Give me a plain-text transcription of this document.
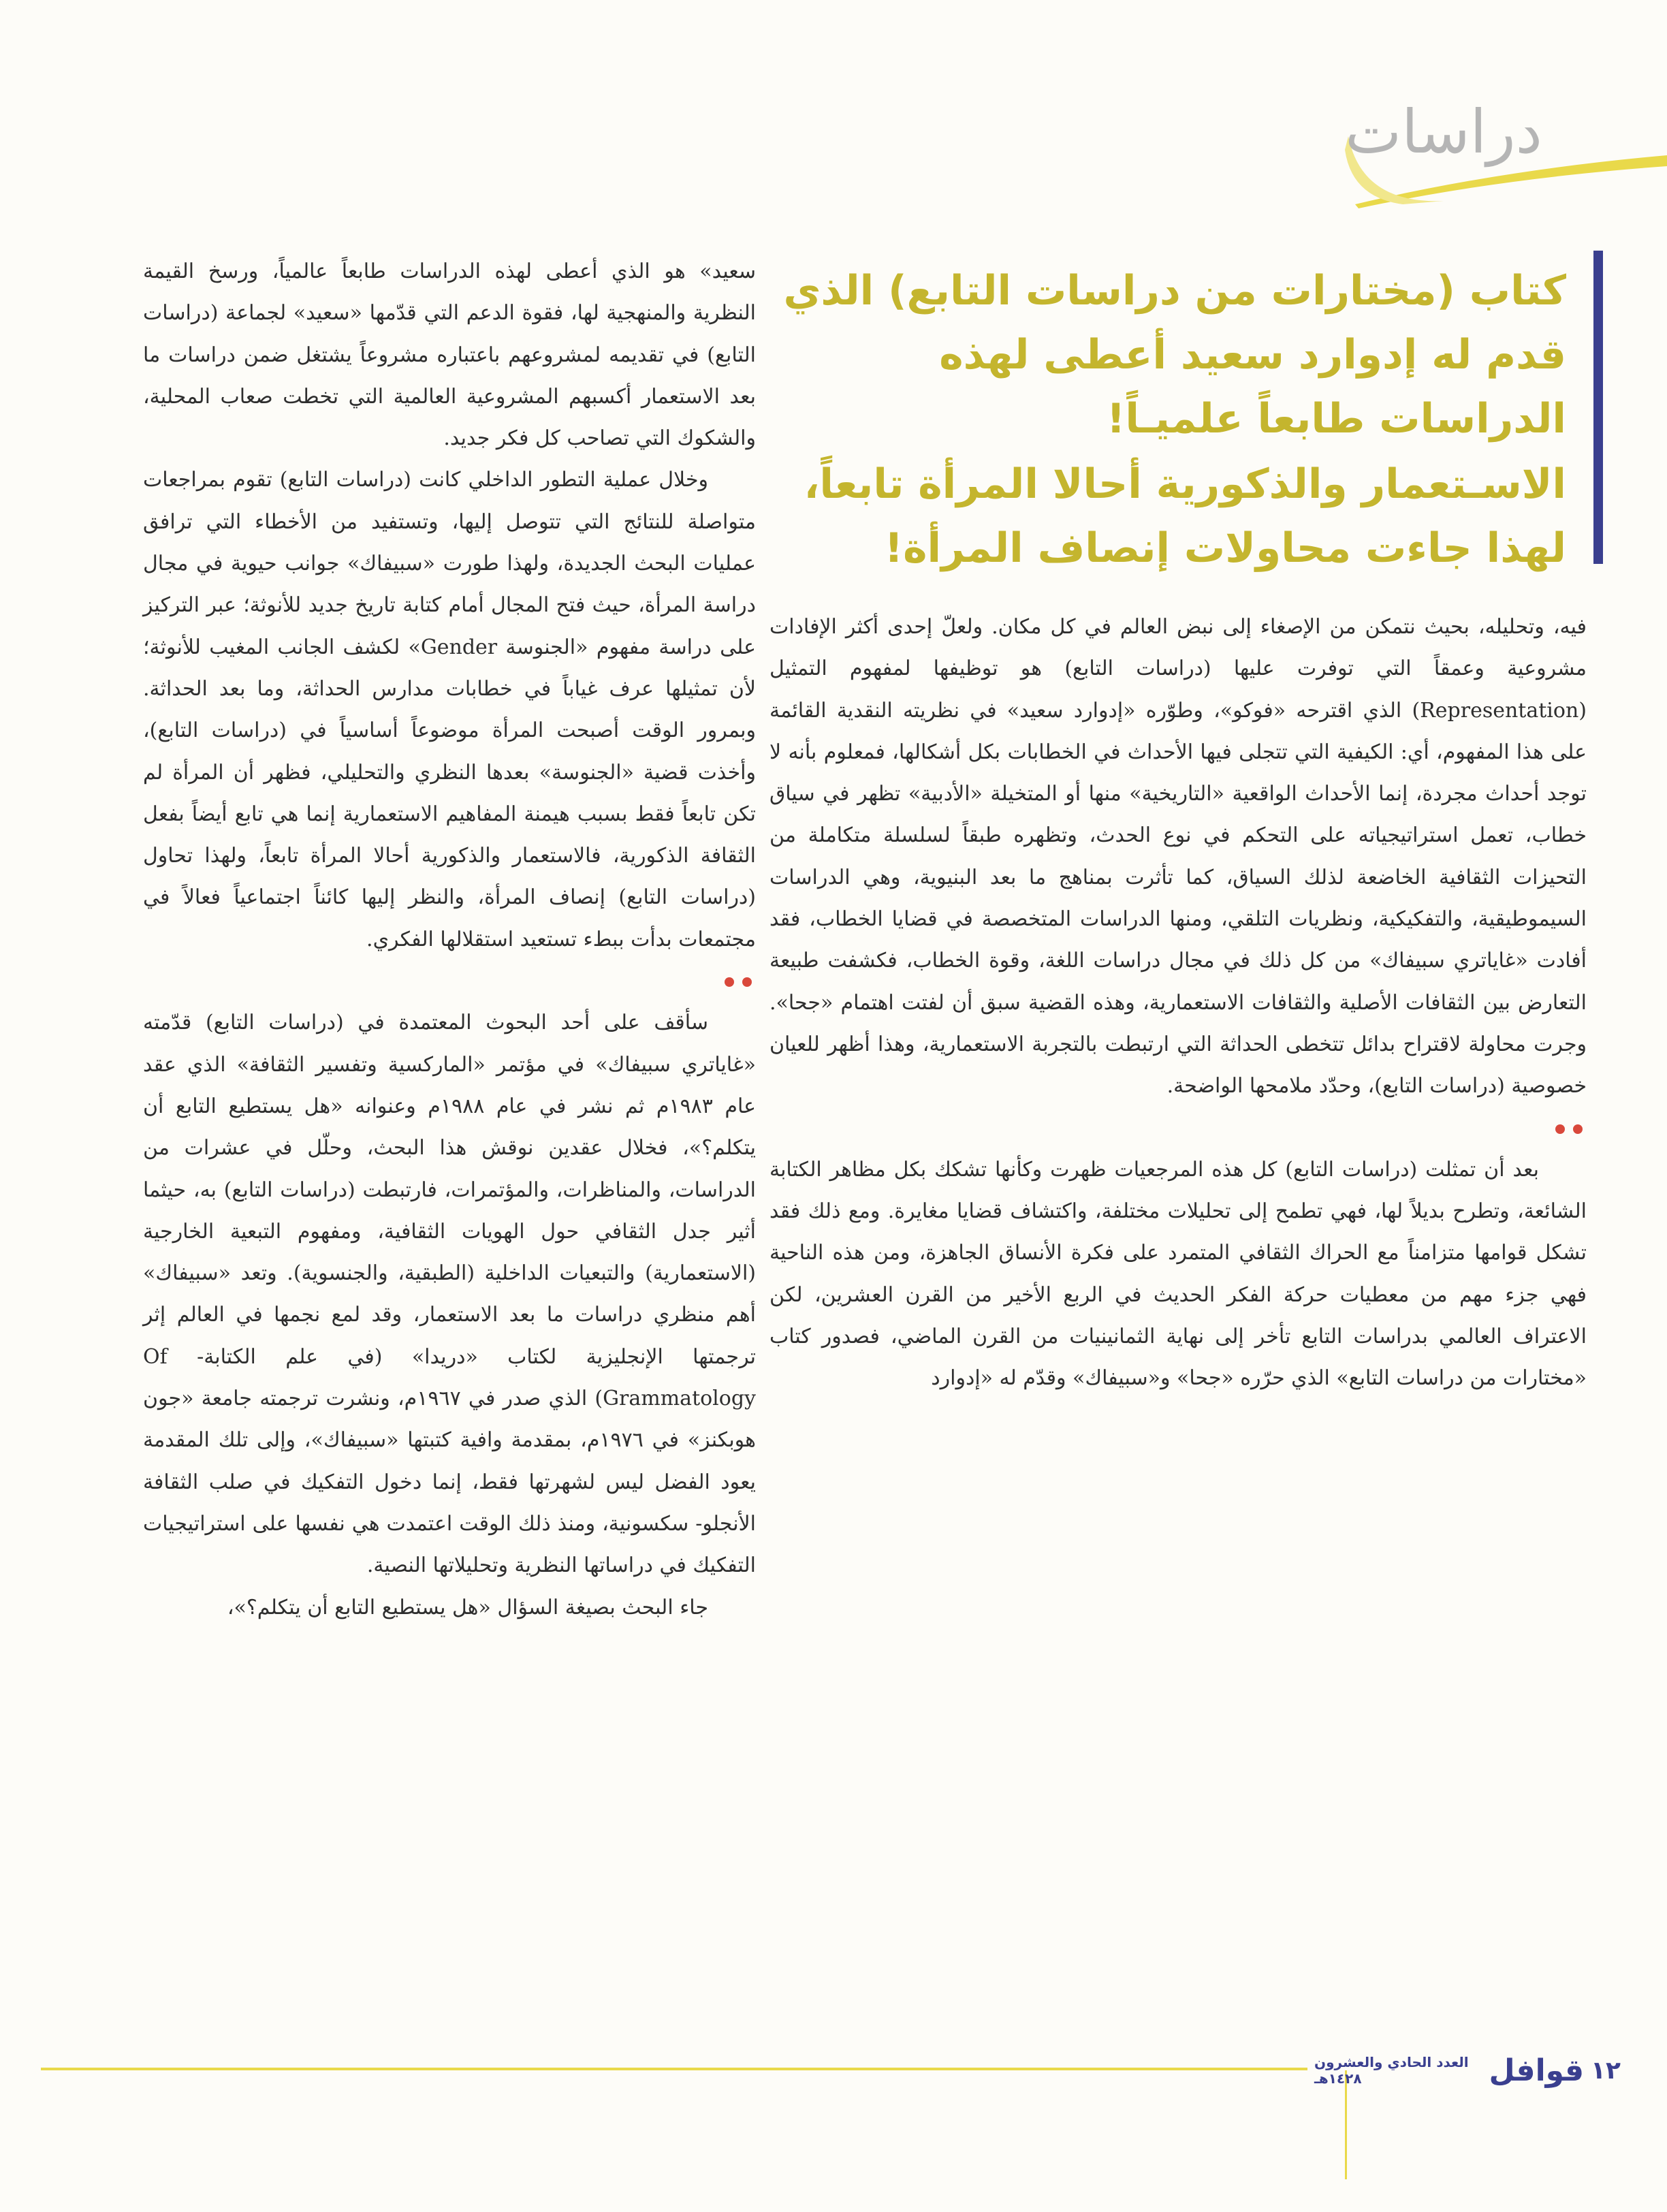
دراسات
كتاب (مختارات من دراسات التابع) الذي قدم له إدوارد سعيد أعطى لهذه الدراسات طابعاً علميـاً!
الاسـتعمار والذكورية أحالا المرأة تابعاً، لهذا جاءت محاولات إنصاف المرأة!

سعيد» هو الذي أعطى لهذه الدراسات طابعاً عالمياً، ورسخ القيمة النظرية والمنهجية لها، فقوة الدعم التي قدّمها «سعيد» لجماعة (دراسات التابع) في تقديمه لمشروعهم باعتباره مشروعاً يشتغل ضمن دراسات ما بعد الاستعمار أكسبهم المشروعية العالمية التي تخطت صعاب المحلية، والشكوك التي تصاحب كل فكر جديد.

وخلال عملية التطور الداخلي كانت (دراسات التابع) تقوم بمراجعات متواصلة للنتائج التي تتوصل إليها، وتستفيد من الأخطاء التي ترافق عمليات البحث الجديدة، ولهذا طورت «سبيفاك» جوانب حيوية في مجال دراسة المرأة، حيث فتح المجال أمام كتابة تاريخ جديد للأنوثة؛ عبر التركيز على دراسة مفهوم «الجنوسة Gender» لكشف الجانب المغيب للأنوثة؛ لأن تمثيلها عرف غياباً في خطابات مدارس الحداثة، وما بعد الحداثة. وبمرور الوقت أصبحت المرأة موضوعاً أساسياً في (دراسات التابع)، وأخذت قضية «الجنوسة» بعدها النظري والتحليلي، فظهر أن المرأة لم تكن تابعاً فقط بسبب هيمنة المفاهيم الاستعمارية إنما هي تابع أيضاً بفعل الثقافة الذكورية، فالاستعمار والذكورية أحالا المرأة تابعاً، ولهذا تحاول (دراسات التابع) إنصاف المرأة، والنظر إليها كائناً اجتماعياً فعالاً في مجتمعات بدأت ببطء تستعيد استقلالها الفكري.

سأقف على أحد البحوث المعتمدة في (دراسات التابع) قدّمته «غاياتري سبيفاك» في مؤتمر «الماركسية وتفسير الثقافة» الذي عقد عام ١٩٨٣م ثم نشر في عام ١٩٨٨م وعنوانه «هل يستطيع التابع أن يتكلم؟»، فخلال عقدين نوقش هذا البحث، وحلّل في عشرات من الدراسات، والمناظرات، والمؤتمرات، فارتبطت (دراسات التابع) به، حيثما أثير جدل الثقافي حول الهويات الثقافية، ومفهوم التبعية الخارجية (الاستعمارية) والتبعيات الداخلية (الطبقية، والجنسوية). وتعد «سبيفاك» أهم منظري دراسات ما بعد الاستعمار، وقد لمع نجمها في العالم إثر ترجمتها الإنجليزية لكتاب «دريدا» (في علم الكتابة- Of Grammatology) الذي صدر في ١٩٦٧م، ونشرت ترجمته جامعة «جون هوبكنز» في ١٩٧٦م، بمقدمة وافية كتبتها «سبيفاك»، وإلى تلك المقدمة يعود الفضل ليس لشهرتها فقط، إنما دخول التفكيك في صلب الثقافة الأنجلو- سكسونية، ومنذ ذلك الوقت اعتمدت هي نفسها على استراتيجيات التفكيك في دراساتها النظرية وتحليلاتها النصية.

جاء البحث بصيغة السؤال «هل يستطيع التابع أن يتكلم؟»،

فيه، وتحليله، بحيث نتمكن من الإصغاء إلى نبض العالم في كل مكان. ولعلّ إحدى أكثر الإفادات مشروعية وعمقاً التي توفرت عليها (دراسات التابع) هو توظيفها لمفهوم التمثيل (Representation) الذي اقترحه «فوكو»، وطوّره «إدوارد سعيد» في نظريته النقدية القائمة على هذا المفهوم، أي: الكيفية التي تتجلى فيها الأحداث في الخطابات بكل أشكالها، فمعلوم بأنه لا توجد أحداث مجردة، إنما الأحداث الواقعية «التاريخية» منها أو المتخيلة «الأدبية» تظهر في سياق خطاب، تعمل استراتيجياته على التحكم في نوع الحدث، وتظهره طبقاً لسلسلة متكاملة من التحيزات الثقافية الخاضعة لذلك السياق، كما تأثرت بمناهج ما بعد البنيوية، وهي الدراسات السيموطيقية، والتفكيكية، ونظريات التلقي، ومنها الدراسات المتخصصة في قضايا الخطاب، فقد أفادت «غاياتري سبيفاك» من كل ذلك في مجال دراسات اللغة، وقوة الخطاب، فكشفت طبيعة التعارض بين الثقافات الأصلية والثقافات الاستعمارية، وهذه القضية سبق أن لفتت اهتمام «جحا». وجرت محاولة لاقتراح بدائل تتخطى الحداثة التي ارتبطت بالتجربة الاستعمارية، وهذا أظهر للعيان خصوصية (دراسات التابع)، وحدّد ملامحها الواضحة.

بعد أن تمثلت (دراسات التابع) كل هذه المرجعيات ظهرت وكأنها تشكك بكل مظاهر الكتابة الشائعة، وتطرح بديلاً لها، فهي تطمح إلى تحليلات مختلفة، واكتشاف قضايا مغايرة. ومع ذلك فقد تشكل قوامها متزامناً مع الحراك الثقافي المتمرد على فكرة الأنساق الجاهزة، ومن هذه الناحية فهي جزء مهم من معطيات حركة الفكر الحديث في الربع الأخير من القرن العشرين، لكن الاعتراف العالمي بدراسات التابع تأخر إلى نهاية الثمانينيات من القرن الماضي، فصدور كتاب «مختارات من دراسات التابع» الذي حرّره «جحا» و«سبيفاك» وقدّم له «إدوارد

العدد الحادي والعشرون ١٤٢٨هـ	قوافل ١٢
